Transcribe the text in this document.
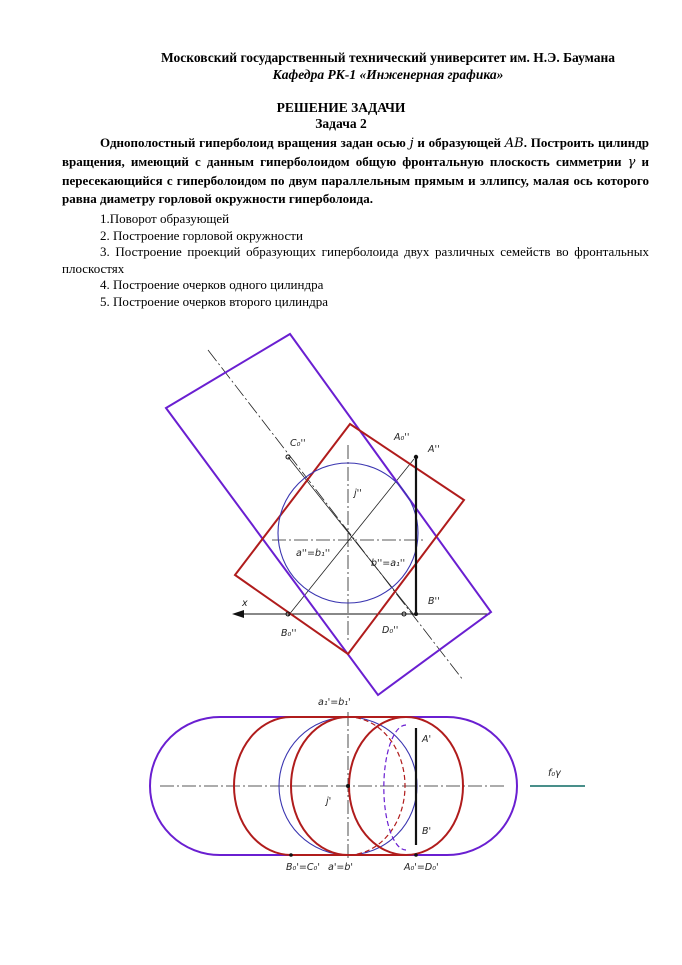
Московский государственный технический университет им. Н.Э. Баумана
Кафедра РК-1 «Инженерная графика»
РЕШЕНИЕ ЗАДАЧИ
Задача 2

Однополостный гиперболоид вращения задан осью j и образующей AB. Построить цилиндр вращения, имеющий с данным гиперболоидом общую фронтальную плоскость симметрии γ и пересекающийся с гиперболоидом по двум параллельным прямым и эллипсу, малая ось которого равна диаметру горловой окружности гиперболоида.

1.Поворот образующей

2. Построение горловой окружности

3. Построение проекций образующих гиперболоида двух различных семейств во фронтальных плоскостях

4. Построение очерков одного цилиндра

5. Построение очерков второго цилиндра

C₀''
A₀''
A''
j''
a''=b₁''
b''=a₁''
x	B''
B₀''	D₀''
a₁'=b₁'
A'
j'
B'
B₀'=C₀' a'=b'	A₀'=D₀'
f₀γ
